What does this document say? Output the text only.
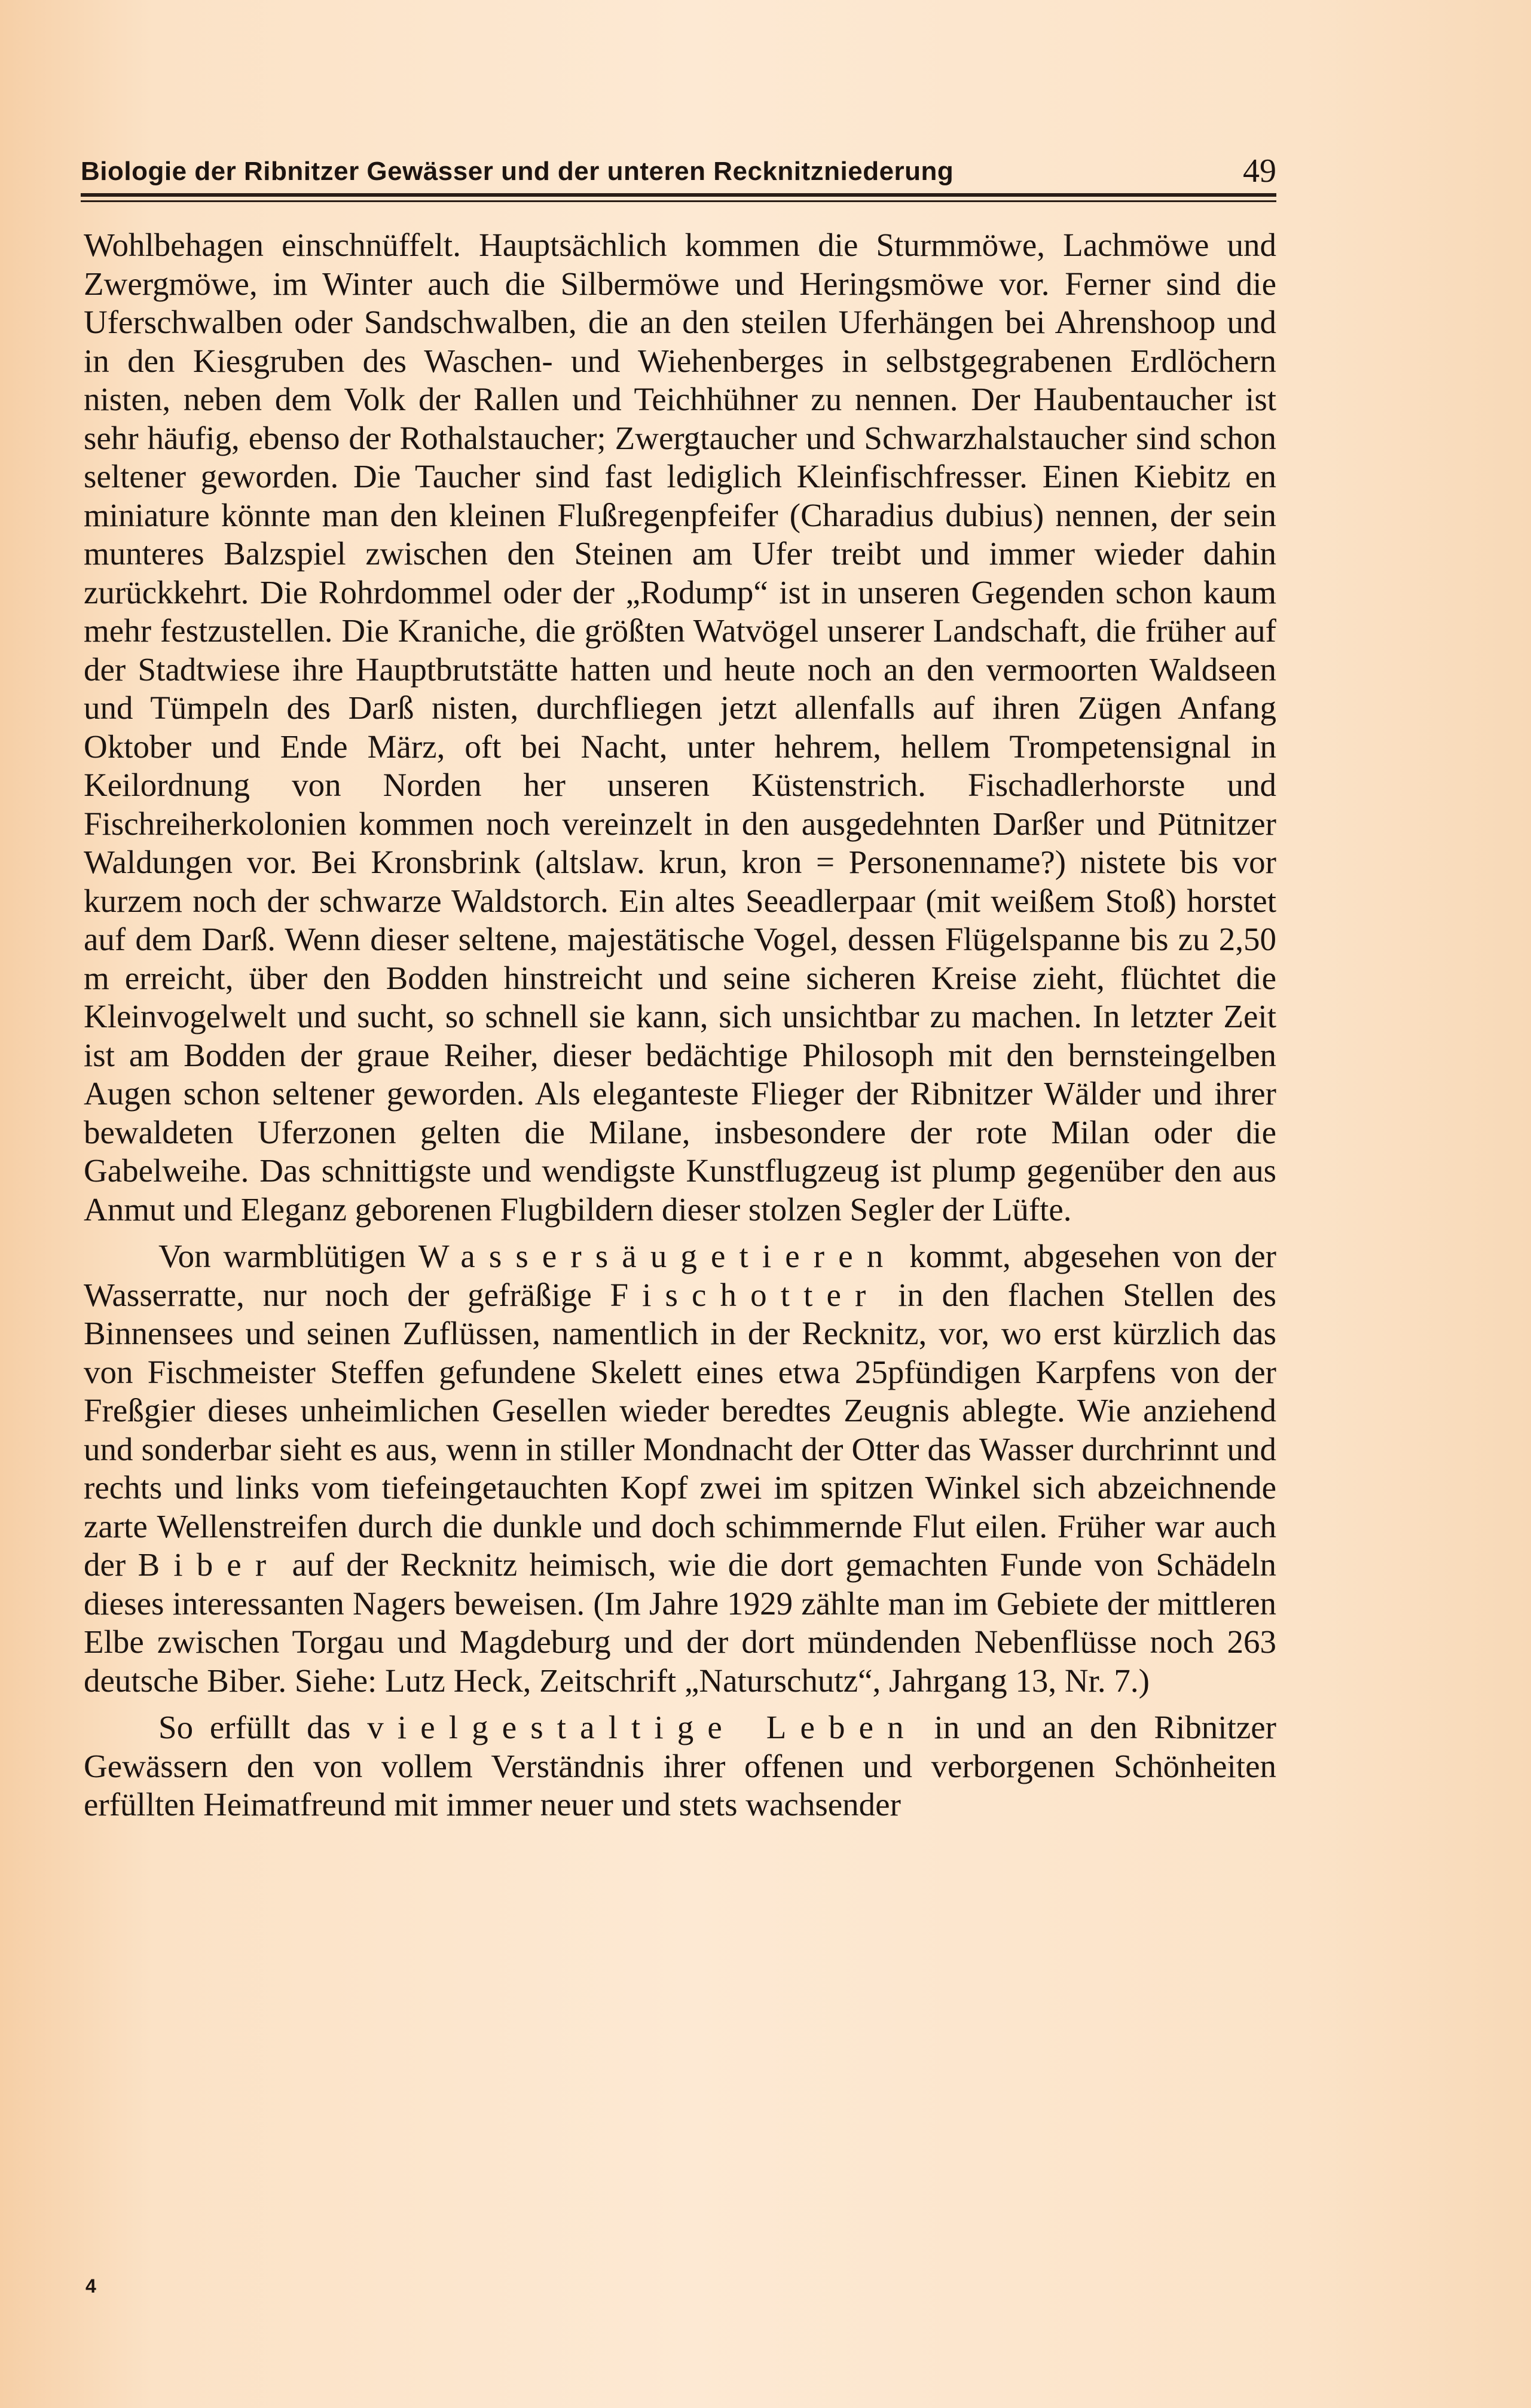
Biologie der Ribnitzer Gewässer und der unteren Recknitzniederung	49

Wohlbehagen einschnüffelt. Hauptsächlich kommen die Sturmmöwe, Lachmöwe und Zwergmöwe, im Winter auch die Silbermöwe und Heringsmöwe vor. Ferner sind die Uferschwalben oder Sandschwalben, die an den steilen Uferhängen bei Ahrenshoop und in den Kiesgruben des Waschen- und Wiehenberges in selbstgegrabenen Erdlöchern nisten, neben dem Volk der Rallen und Teichhühner zu nennen. Der Haubentaucher ist sehr häufig, ebenso der Rothalstaucher; Zwergtaucher und Schwarzhalstaucher sind schon seltener geworden. Die Taucher sind fast lediglich Kleinfischfresser. Einen Kiebitz en miniature könnte man den kleinen Flußregenpfeifer (Charadius dubius) nennen, der sein munteres Balzspiel zwischen den Steinen am Ufer treibt und immer wieder dahin zurückkehrt. Die Rohrdommel oder der „Rodump“ ist in unseren Gegenden schon kaum mehr festzustellen. Die Kraniche, die größten Watvögel unserer Landschaft, die früher auf der Stadtwiese ihre Hauptbrutstätte hatten und heute noch an den vermoorten Waldseen und Tümpeln des Darß nisten, durchfliegen jetzt allenfalls auf ihren Zügen Anfang Oktober und Ende März, oft bei Nacht, unter hehrem, hellem Trompetensignal in Keilordnung von Norden her unseren Küstenstrich. Fischadlerhorste und Fischreiherkolonien kommen noch vereinzelt in den ausgedehnten Darßer und Pütnitzer Waldungen vor. Bei Kronsbrink (altslaw. krun, kron = Personenname?) nistete bis vor kurzem noch der schwarze Waldstorch. Ein altes Seeadlerpaar (mit weißem Stoß) horstet auf dem Darß. Wenn dieser seltene, majestätische Vogel, dessen Flügelspanne bis zu 2,50 m erreicht, über den Bodden hinstreicht und seine sicheren Kreise zieht, flüchtet die Kleinvogelwelt und sucht, so schnell sie kann, sich unsichtbar zu machen. In letzter Zeit ist am Bodden der graue Reiher, dieser bedächtige Philosoph mit den bernsteingelben Augen schon seltener geworden. Als eleganteste Flieger der Ribnitzer Wälder und ihrer bewaldeten Uferzonen gelten die Milane, insbesondere der rote Milan oder die Gabelweihe. Das schnittigste und wendigste Kunstflugzeug ist plump gegenüber den aus Anmut und Eleganz geborenen Flugbildern dieser stolzen Segler der Lüfte.

Von warmblütigen Wassersäugetieren kommt, abgesehen von der Wasserratte, nur noch der gefräßige Fischotter in den flachen Stellen des Binnensees und seinen Zuflüssen, namentlich in der Recknitz, vor, wo erst kürzlich das von Fischmeister Steffen gefundene Skelett eines etwa 25pfündigen Karpfens von der Freßgier dieses unheimlichen Gesellen wieder beredtes Zeugnis ablegte. Wie anziehend und sonderbar sieht es aus, wenn in stiller Mondnacht der Otter das Wasser durchrinnt und rechts und links vom tiefeingetauchten Kopf zwei im spitzen Winkel sich abzeichnende zarte Wellenstreifen durch die dunkle und doch schimmernde Flut eilen. Früher war auch der Biber auf der Recknitz heimisch, wie die dort gemachten Funde von Schädeln dieses interessanten Nagers beweisen. (Im Jahre 1929 zählte man im Gebiete der mittleren Elbe zwischen Torgau und Magdeburg und der dort mündenden Nebenflüsse noch 263 deutsche Biber. Siehe: Lutz Heck, Zeitschrift „Naturschutz“, Jahrgang 13, Nr. 7.)

So erfüllt das vielgestaltige Leben in und an den Ribnitzer Gewässern den von vollem Verständnis ihrer offenen und verborgenen Schönheiten erfüllten Heimatfreund mit immer neuer und stets wachsender

4
